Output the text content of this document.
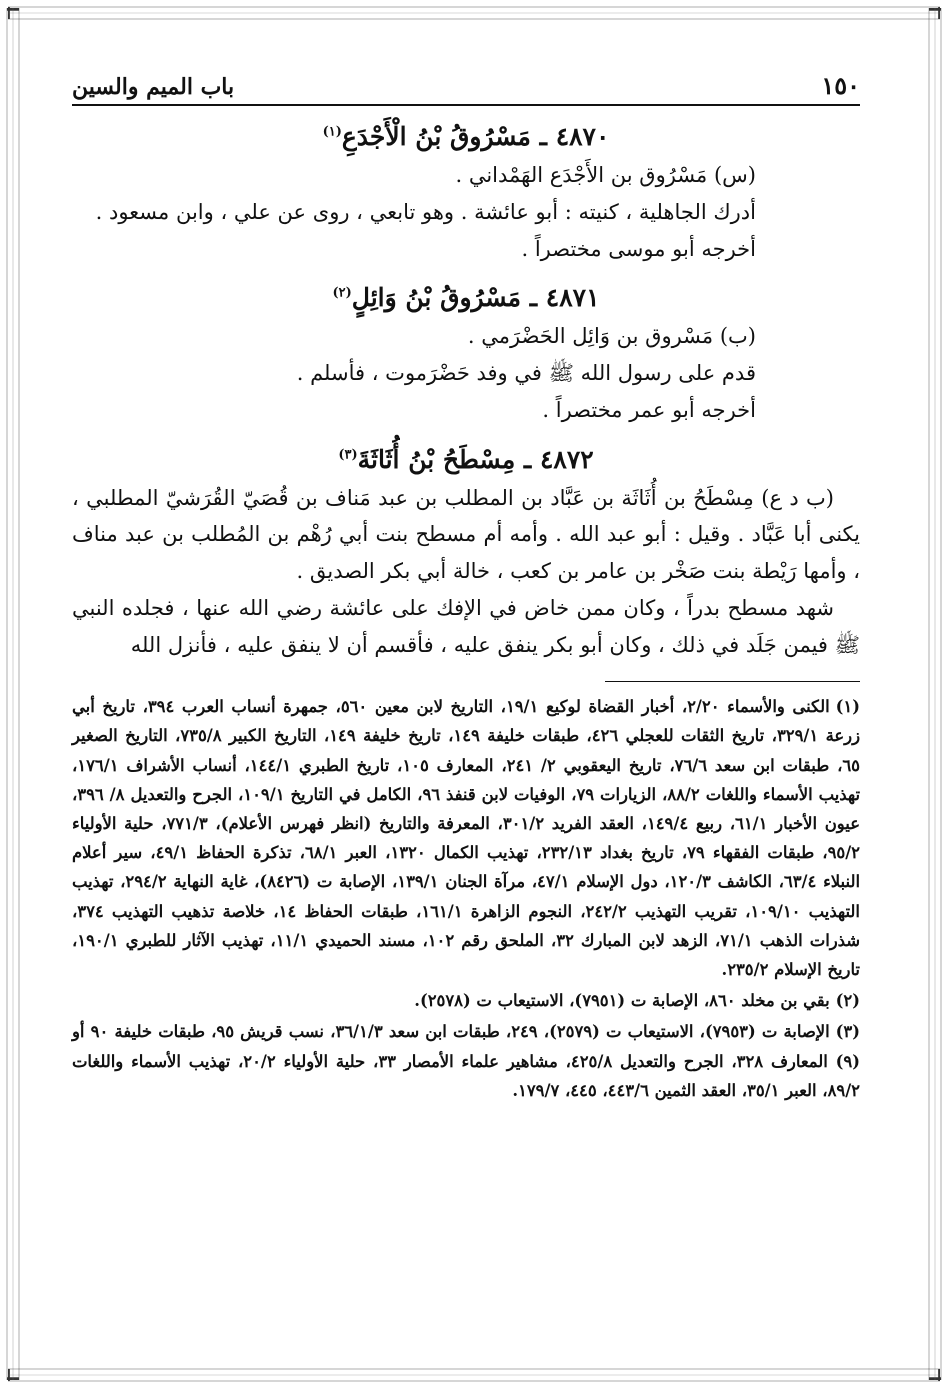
١٥٠
باب الميم والسين
٤٨٧٠ ـ مَسْرُوقُ بْنُ الْأَجْدَعِ$^{(١)}$

(س) مَسْرُوق بن الأَجْدَع الهَمْداني .

أدرك الجاهلية ، كنيته : أبو عائشة . وهو تابعي ، روى عن علي ، وابن مسعود .

أخرجه أبو موسى مختصراً .

٤٨٧١ ـ مَسْرُوقُ بْنُ وَائِلٍ$^{(٢)}$

(ب) مَسْروق بن وَائِل الحَضْرَمي .

قدم على رسول الله ﷺ في وفد حَضْرَموت ، فأسلم .

أخرجه أبو عمر مختصراً .

٤٨٧٢ ـ مِسْطَحُ بْنُ أُثَاثَةَ$^{(٣)}$

(ب د ع) مِسْطَحُ بن أُثَاثَة بن عَبَّاد بن المطلب بن عبد مَناف بن قُصَيّ القُرَشيّ المطلبي ، يكنى أبا عَبَّاد . وقيل : أبو عبد الله . وأمه أم مسطح بنت أبي رُهْم بن المُطلب بن عبد مناف ، وأمها رَيْطة بنت صَخْر بن عامر بن كعب ، خالة أبي بكر الصديق .

شهد مسطح بدراً ، وكان ممن خاض في الإفك على عائشة رضي الله عنها ، فجلده النبي ﷺ فيمن جَلَد في ذلك ، وكان أبو بكر ينفق عليه ، فأقسم أن لا ينفق عليه ، فأنزل الله

(١)الكنى والأسماء ٢/٢٠، أخبار القضاة لوكيع ١٩/١، التاريخ لابن معين ٥٦٠، جمهرة أنساب العرب ٣٩٤، تاريخ أبي زرعة ٣٢٩/١، تاريخ الثقات للعجلي ٤٢٦، طبقات خليفة ١٤٩، تاريخ خليفة ١٤٩، التاريخ الكبير ٧٣٥/٨، التاريخ الصغير ٦٥، طبقات ابن سعد ٧٦/٦، تاريخ اليعقوبي ٢/ ٢٤١، المعارف ١٠٥، تاريخ الطبري ١٤٤/١، أنساب الأشراف ١٧٦/١، تهذيب الأسماء واللغات ٨٨/٢، الزيارات ٧٩، الوفيات لابن قنفذ ٩٦، الكامل في التاريخ ١٠٩/١، الجرح والتعديل ٨/ ٣٩٦، عيون الأخبار ٦١/١، ربيع ١٤٩/٤، العقد الفريد ٣٠١/٢، المعرفة والتاريخ (انظر فهرس الأعلام)، ٧٧١/٣، حلية الأولياء ٩٥/٢، طبقات الفقهاء ٧٩، تاريخ بغداد ٢٣٢/١٣، تهذيب الكمال ١٣٢٠، العبر ٦٨/١، تذكرة الحفاظ ٤٩/١، سير أعلام النبلاء ٦٣/٤، الكاشف ١٢٠/٣، دول الإسلام ٤٧/١، مرآة الجنان ١٣٩/١، الإصابة ت (٨٤٢٦)، غاية النهاية ٢٩٤/٢، تهذيب التهذيب ١٠٩/١٠، تقريب التهذيب ٢٤٢/٢، النجوم الزاهرة ١٦١/١، طبقات الحفاظ ١٤، خلاصة تذهيب التهذيب ٣٧٤، شذرات الذهب ٧١/١، الزهد لابن المبارك ٣٢، الملحق رقم ١٠٢، مسند الحميدي ١١/١، تهذيب الآثار للطبري ١٩٠/١، تاريخ الإسلام ٢٣٥/٢.

(٢)بقي بن مخلد ٨٦٠، الإصابة ت (٧٩٥١)، الاستيعاب ت (٢٥٧٨).

(٣)الإصابة ت (٧٩٥٣)، الاستيعاب ت (٢٥٧٩)، ٢٤٩، طبقات ابن سعد ٣٦/١/٣، نسب قريش ٩٥، طبقات خليفة ٩٠ أو (٩) المعارف ٣٢٨، الجرح والتعديل ٤٢٥/٨، مشاهير علماء الأمصار ٣٣، حلية الأولياء ٢٠/٢، تهذيب الأسماء واللغات ٨٩/٢، العبر ٣٥/١، العقد الثمين ٤٤٣/٦، ٤٤٥، ١٧٩/٧.
